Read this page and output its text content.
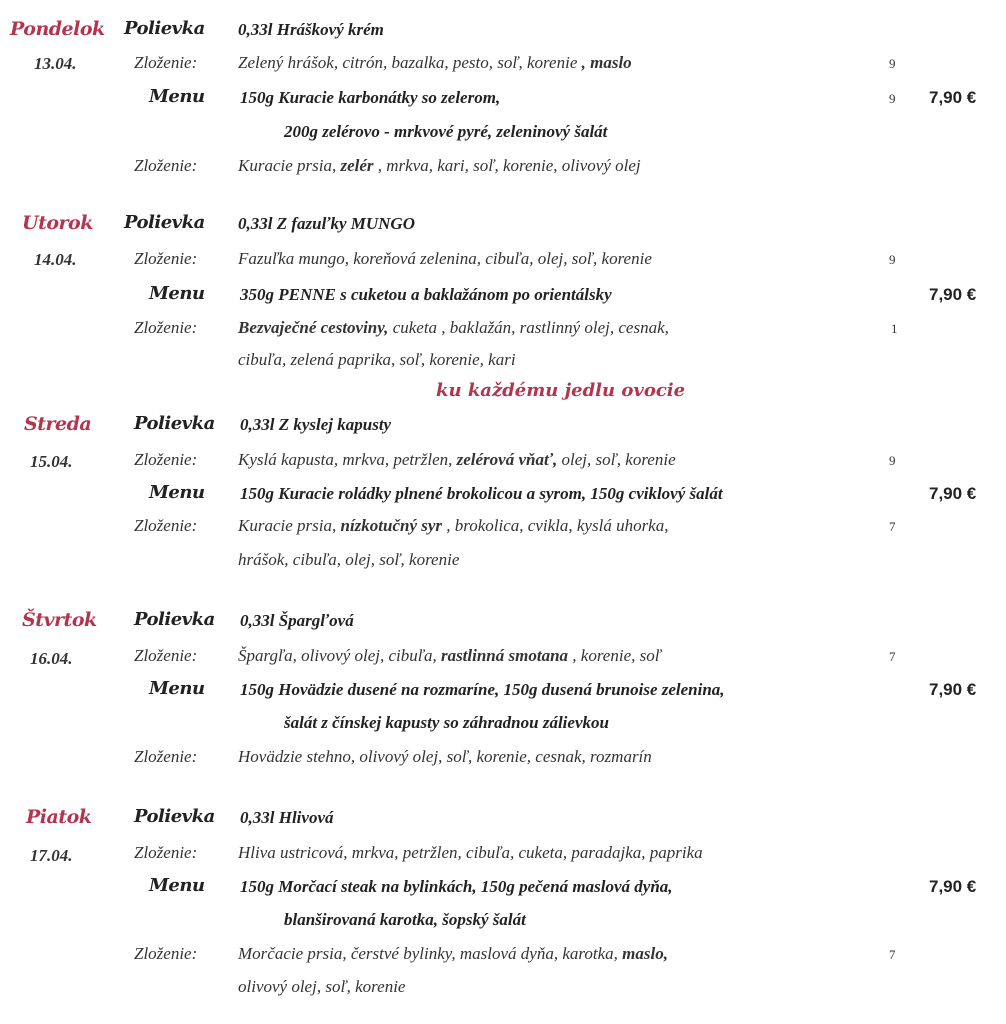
Pondelok Polievka 0,33l Hráškový krém
13.04.	Zloženie: Zelený hrášok, citrón, bazalka, pesto, soľ, korenie , maslo	9
Menu 150g Kuracie karbonátky so zelerom,	9 7,90 €
200g zelérovo - mrkvové pyré, zeleninový šalát
Zloženie: Kuracie prsia, zelér , mrkva, kari, soľ, korenie, olivový olej
Utorok Polievka 0,33l Z fazuľky MUNGO
14.04.	Zloženie: Fazuľka mungo, koreňová zelenina, cibuľa, olej, soľ, korenie	9
Menu 350g PENNE s cuketou a baklažánom po orientálsky	7,90 €
Zloženie: Bezvaječné cestoviny, cuketa , baklažán, rastlinný olej, cesnak,	1
cibuľa, zelená paprika, soľ, korenie, kari
ku každému jedlu ovocie
Streda Polievka 0,33l Z kyslej kapusty
15.04.	Zloženie: Kyslá kapusta, mrkva, petržlen, zelérová vňať, olej, soľ, korenie	9
Menu 150g Kuracie roládky plnené brokolicou a syrom, 150g cviklový šalát	7,90 €
Zloženie: Kuracie prsia, nízkotučný syr , brokolica, cvikla, kyslá uhorka,	7
hrášok, cibuľa, olej, soľ, korenie
Štvrtok Polievka 0,33l Špargľová
16.04.	Zloženie: Špargľa, olivový olej, cibuľa, rastlinná smotana , korenie, soľ	7
Menu 150g Hovädzie dusené na rozmaríne, 150g dusená brunoise zelenina,	7,90 €
šalát z čínskej kapusty so záhradnou zálievkou
Zloženie: Hovädzie stehno, olivový olej, soľ, korenie, cesnak, rozmarín
Piatok Polievka 0,33l Hlivová
17.04.	Zloženie: Hliva ustricová, mrkva, petržlen, cibuľa, cuketa, paradajka, paprika
Menu 150g Morčací steak na bylinkách, 150g pečená maslová dyňa,	7,90 €
blanširovaná karotka, šopský šalát
Zloženie: Morčacie prsia, čerstvé bylinky, maslová dyňa, karotka, maslo,	7
olivový olej, soľ, korenie
